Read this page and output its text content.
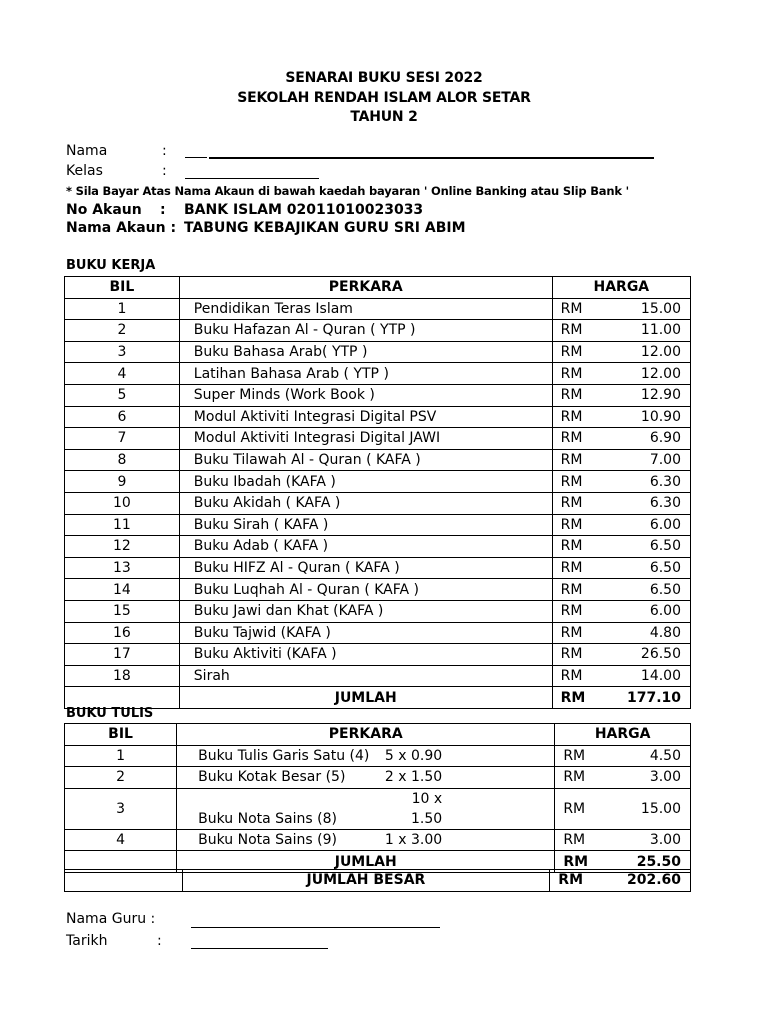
SENARAI BUKU SESI 2022
SEKOLAH RENDAH ISLAM ALOR SETAR
TAHUN 2
Nama	:
Kelas	:
* Sila Bayar Atas Nama Akaun di bawah kaedah bayaran ' Online Banking atau Slip Bank '
No Akaun : BANK ISLAM 02011010023033
Nama Akaun : TABUNG KEBAJIKAN GURU SRI ABIM
BUKU KERJA
BIL	PERKARA	HARGA
1	Pendidikan Teras Islam	RM 15.00

2	Buku Hafazan Al - Quran ( YTP )	RM 11.00

3	Buku Bahasa Arab( YTP )	RM 12.00

4	Latihan Bahasa Arab ( YTP )	RM 12.00

5	Super Minds (Work Book )	RM 12.90

6	Modul Aktiviti Integrasi Digital PSV	RM 10.90

7	Modul Aktiviti Integrasi Digital JAWI	RM 6.90

8	Buku Tilawah Al - Quran ( KAFA )	RM 7.00

9	Buku Ibadah (KAFA )	RM 6.30

10	Buku Akidah ( KAFA )	RM 6.30

11	Buku Sirah ( KAFA )	RM 6.00

12	Buku Adab ( KAFA )	RM 6.50

13	Buku HIFZ Al - Quran ( KAFA )	RM 6.50

14	Buku Luqhah Al - Quran ( KAFA )	RM 6.50

15	Buku Jawi dan Khat (KAFA )	RM 6.00

16	Buku Tajwid (KAFA )	RM 4.80

17	Buku Aktiviti (KAFA )	RM 26.50

18	Sirah	RM 14.00

	JUMLAH	RM 177.10
BUKU TULIS
BIL	PERKARA	HARGA
1	Buku Tulis Garis Satu (4) 5 x 0.90	RM 4.50

2	Buku Kotak Besar (5) 2 x 1.50	RM 3.00

3	Buku Nota Sains (8)10 x 1.50	RM 15.00

4	Buku Nota Sains (9) 1 x 3.00	RM 3.00

	JUMLAH	RM 25.50
	JUMLAH BESAR	RM	202.60
Nama Guru :
Tarikh	:
